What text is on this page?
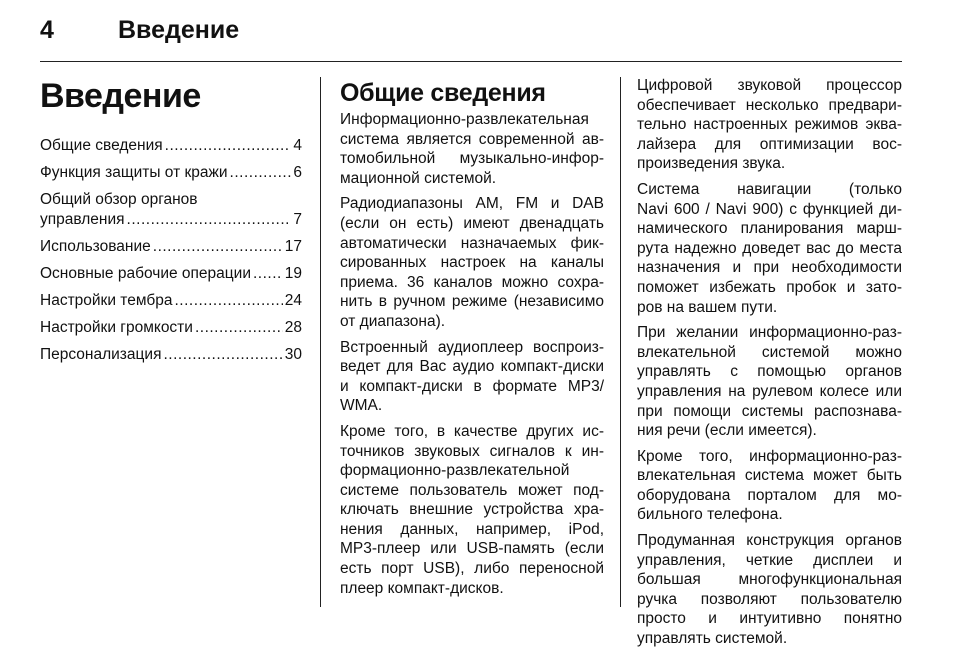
4	Введение
Введение
Общие сведения .....	4
Функция защиты от кражи .....	6
Общий обзор органов
управления .....	7
Использование .....	17
Основные рабочие операции ..... 19
Настройки тембра .....	24
Настройки громкости .....	28
Персонализация .....	30
Общие сведения

Информационно-развлекательная
система является современной ав-
томобильной музыкально-инфор-
мационной системой.

Радиодиапазоны AM, FM и DAB
(если он есть) имеют двенадцать
автоматически назначаемых фик-
сированных настроек на каналы
приема. 36 каналов можно сохра-
нить в ручном режиме (независимо
от диапазона).

Встроенный аудиоплеер воспроиз-
ведет для Вас аудио компакт-диски
и компакт-диски в формате MP3/
WMA.

Кроме того, в качестве других ис-
точников звуковых сигналов к ин-
формационно-развлекательной
системе пользователь может под-
ключать внешние устройства хра-
нения данных, например, iPod,
MP3-плеер или USB-память (если
есть порт USB), либо переносной
плеер компакт-дисков.

Цифровой звуковой процессор
обеспечивает несколько предвари-
тельно настроенных режимов эква-
лайзера для оптимизации вос-
произведения звука.

Система навигации (только
Navi 600 / Navi 900) с функцией ди-
намического планирования марш-
рута надежно доведет вас до места
назначения и при необходимости
поможет избежать пробок и зато-
ров на вашем пути.

При желании информационно-раз-
влекательной системой можно
управлять с помощью органов
управления на рулевом колесе или
при помощи системы распознава-
ния речи (если имеется).

Кроме того, информационно-раз-
влекательная система может быть
оборудована порталом для мо-
бильного телефона.

Продуманная конструкция органов
управления, четкие дисплеи и
большая многофункциональная
ручка позволяют пользователю
просто и интуитивно понятно
управлять системой.
